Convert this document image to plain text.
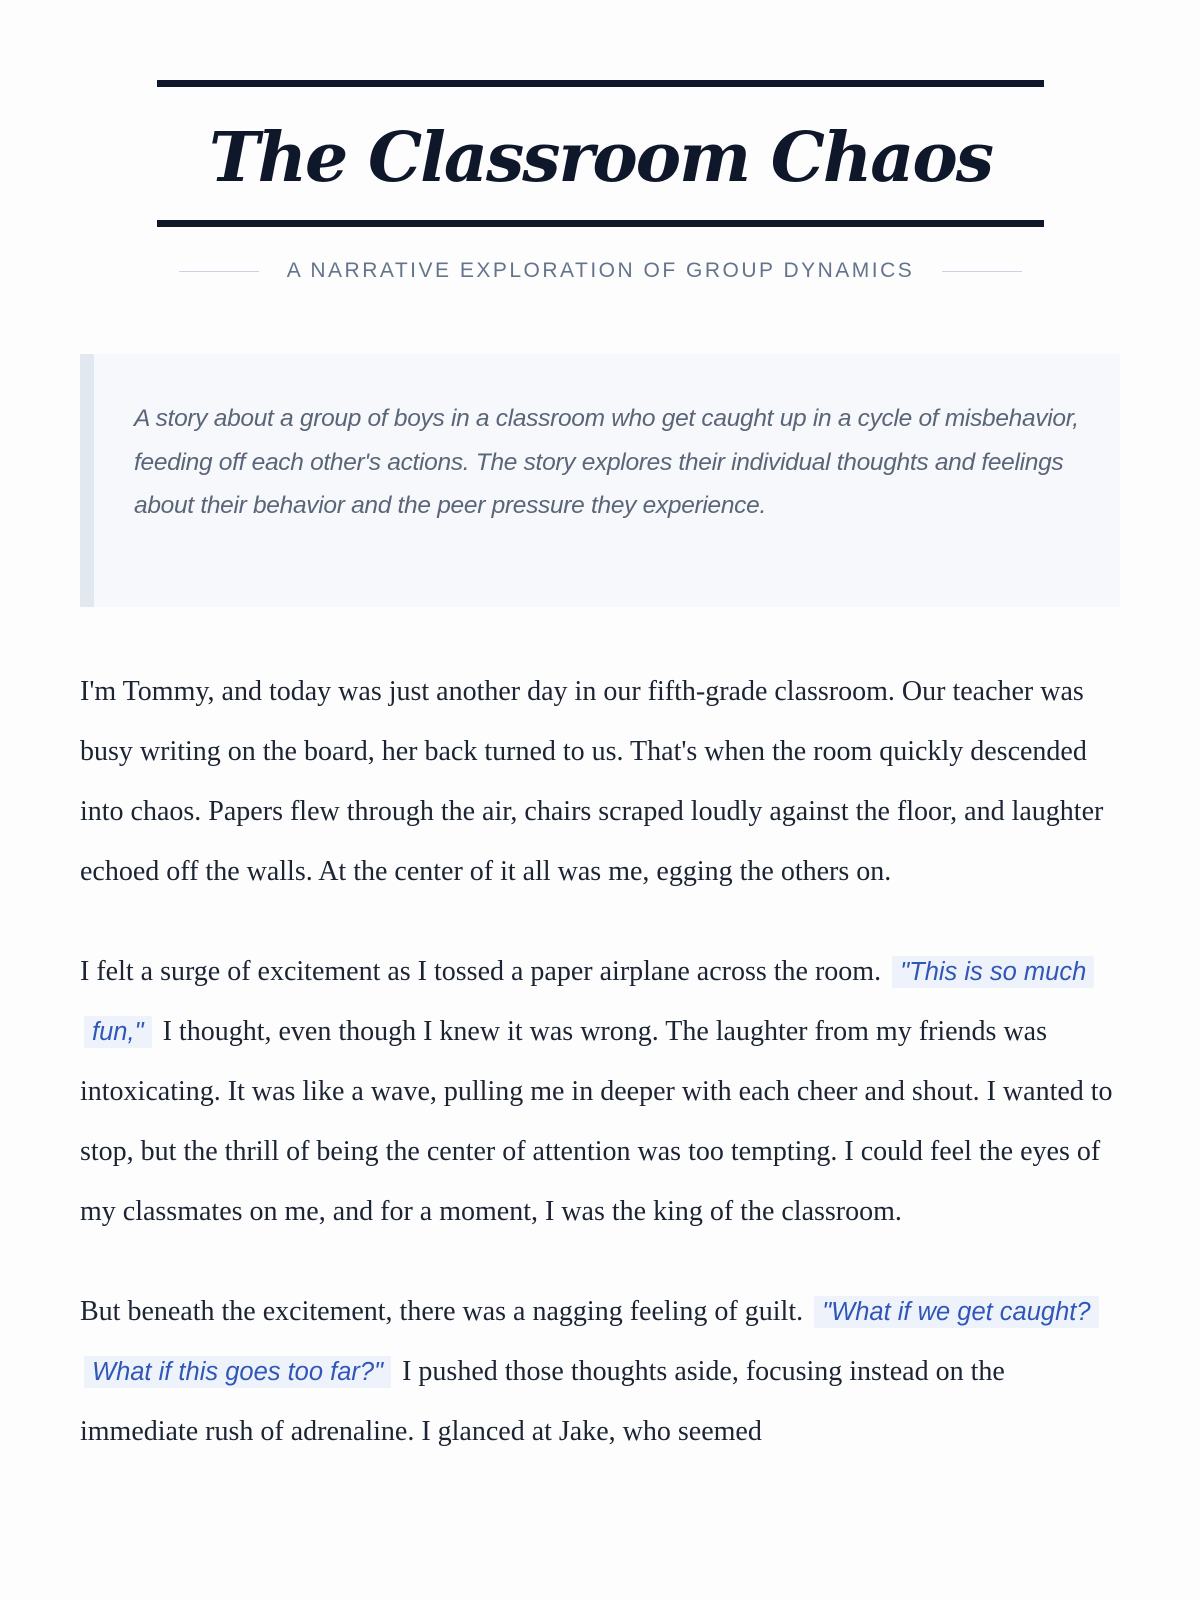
The Classroom Chaos
A NARRATIVE EXPLORATION OF GROUP DYNAMICS

A story about a group of boys in a classroom who get caught up in a cycle of misbehavior, feeding off each other's actions. The story explores their individual thoughts and feelings about their behavior and the peer pressure they experience.

I'm Tommy, and today was just another day in our fifth-grade classroom. Our teacher was busy writing on the board, her back turned to us. That's when the room quickly descended into chaos. Papers flew through the air, chairs scraped loudly against the floor, and laughter echoed off the walls. At the center of it all was me, egging the others on.

I felt a surge of excitement as I tossed a paper airplane across the room. "This is so much fun," I thought, even though I knew it was wrong. The laughter from my friends was intoxicating. It was like a wave, pulling me in deeper with each cheer and shout. I wanted to stop, but the thrill of being the center of attention was too tempting. I could feel the eyes of my classmates on me, and for a moment, I was the king of the classroom.

But beneath the excitement, there was a nagging feeling of guilt. "What if we get caught? What if this goes too far?" I pushed those thoughts aside, focusing instead on the immediate rush of adrenaline. I glanced at Jake, who seemed
